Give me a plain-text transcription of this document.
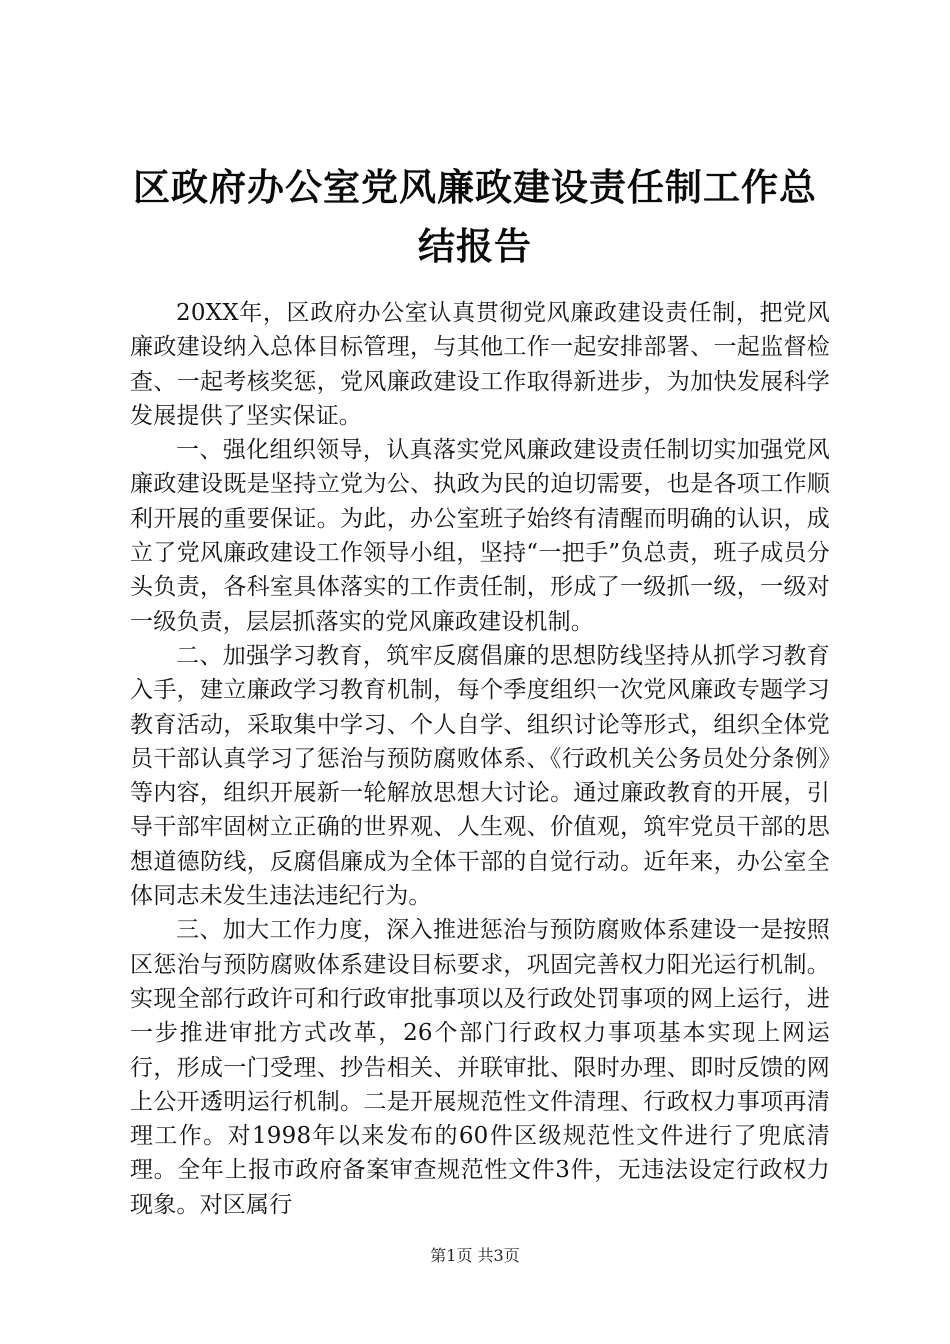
区政府办公室党风廉政建设责任制工作总结报告

20XX年，区政府办公室认真贯彻党风廉政建设责任制，把党风廉政建设纳入总体目标管理，与其他工作一起安排部署、一起监督检查、一起考核奖惩，党风廉政建设工作取得新进步，为加快发展科学发展提供了坚实保证。

一、强化组织领导，认真落实党风廉政建设责任制切实加强党风廉政建设既是坚持立党为公、执政为民的迫切需要，也是各项工作顺利开展的重要保证。为此，办公室班子始终有清醒而明确的认识，成立了党风廉政建设工作领导小组，坚持“一把手”负总责，班子成员分头负责，各科室具体落实的工作责任制，形成了一级抓一级，一级对一级负责，层层抓落实的党风廉政建设机制。

二、加强学习教育，筑牢反腐倡廉的思想防线坚持从抓学习教育入手，建立廉政学习教育机制，每个季度组织一次党风廉政专题学习教育活动，采取集中学习、个人自学、组织讨论等形式，组织全体党员干部认真学习了惩治与预防腐败体系、《行政机关公务员处分条例》等内容，组织开展新一轮解放思想大讨论。通过廉政教育的开展，引导干部牢固树立正确的世界观、人生观、价值观，筑牢党员干部的思想道德防线，反腐倡廉成为全体干部的自觉行动。近年来，办公室全体同志未发生违法违纪行为。

三、加大工作力度，深入推进惩治与预防腐败体系建设一是按照区惩治与预防腐败体系建设目标要求，巩固完善权力阳光运行机制。实现全部行政许可和行政审批事项以及行政处罚事项的网上运行，进一步推进审批方式改革，26个部门行政权力事项基本实现上网运行，形成一门受理、抄告相关、并联审批、限时办理、即时反馈的网上公开透明运行机制。二是开展规范性文件清理、行政权力事项再清理工作。对1998年以来发布的60件区级规范性文件进行了兜底清理。全年上报市政府备案审查规范性文件3件，无违法设定行政权力现象。对区属行

第1页 共3页
